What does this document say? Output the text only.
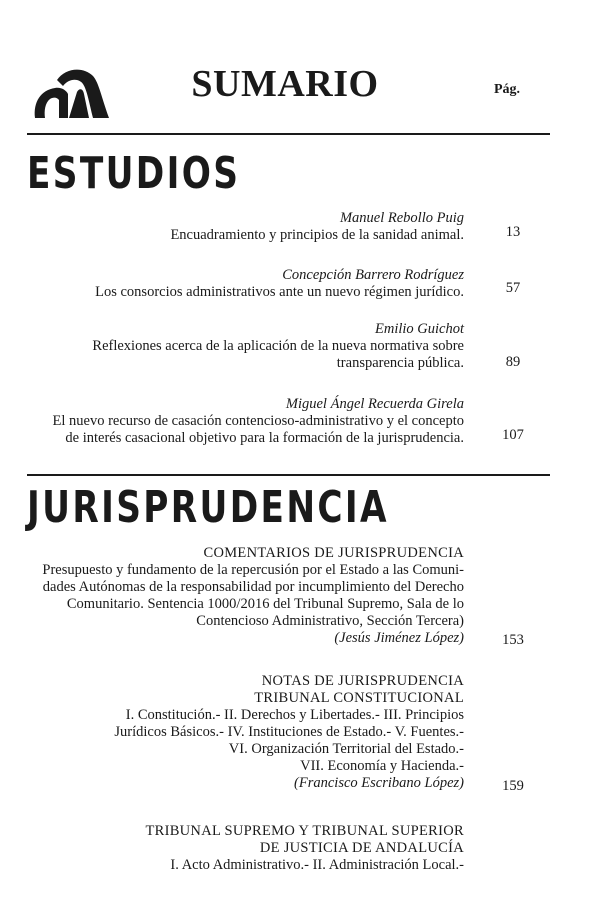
SUMARIO	Pág.
ESTUDIOS
Manuel Rebollo Puig
Encuadramiento y principios de la sanidad animal.	13
Concepción Barrero Rodríguez
Los consorcios administrativos ante un nuevo régimen jurídico.	57
Emilio Guichot
Reflexiones acerca de la aplicación de la nueva normativa sobre
transparencia pública.	89
Miguel Ángel Recuerda Girela
El nuevo recurso de casación contencioso-administrativo y el concepto
de interés casacional objetivo para la formación de la jurisprudencia.	107
JURISPRUDENCIA
COMENTARIOS DE JURISPRUDENCIA
Presupuesto y fundamento de la repercusión por el Estado a las Comuni-
dades Autónomas de la responsabilidad por incumplimiento del Derecho
Comunitario. Sentencia 1000/2016 del Tribunal Supremo, Sala de lo
Contencioso Administrativo, Sección Tercera)
(Jesús Jiménez López)	153
NOTAS DE JURISPRUDENCIA
TRIBUNAL CONSTITUCIONAL
I. Constitución.- II. Derechos y Libertades.- III. Principios
Jurídicos Básicos.- IV. Instituciones de Estado.- V. Fuentes.-
VI. Organización Territorial del Estado.-
VII. Economía y Hacienda.-
(Francisco Escribano López)	159
TRIBUNAL SUPREMO Y TRIBUNAL SUPERIOR
DE JUSTICIA DE ANDALUCÍA
I. Acto Administrativo.- II. Administración Local.-
